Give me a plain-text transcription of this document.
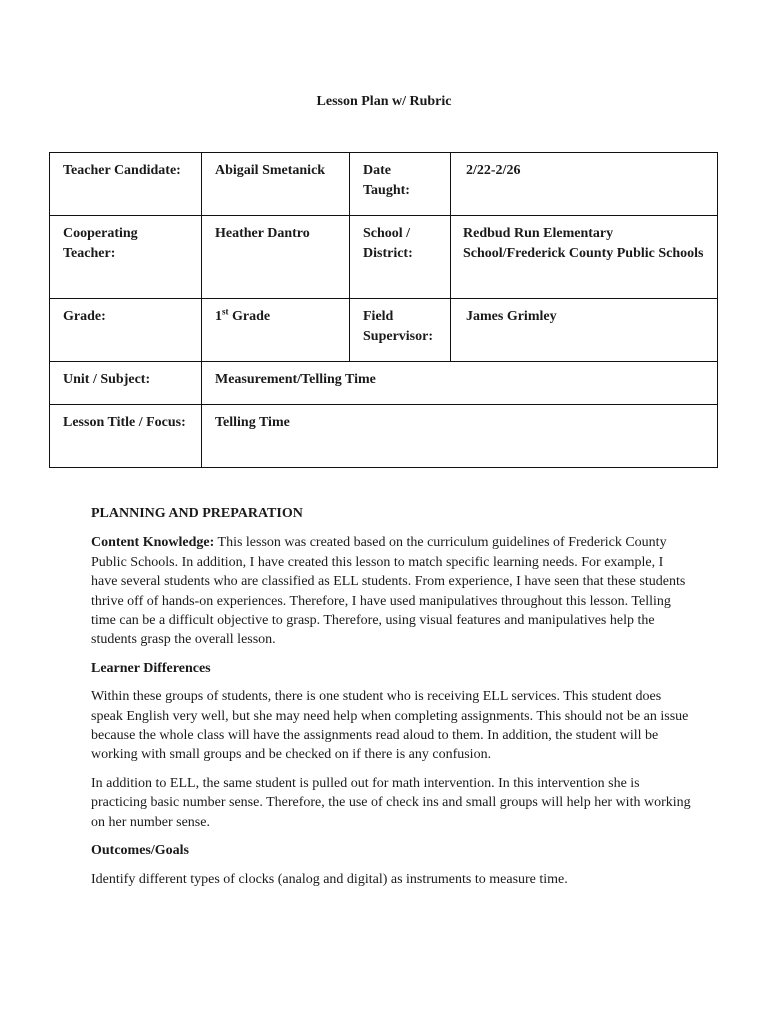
Lesson Plan w/ Rubric
Teacher Candidate:	Abigail Smetanick	Date Taught:	2/22-2/26
Cooperating Teacher:	Heather Dantro	School / District:	Redbud Run Elementary School/Frederick County Public Schools
Grade:	1st Grade	Field Supervisor:	James Grimley
Unit / Subject:	Measurement/Telling Time		
Lesson Title / Focus:	Telling Time		

PLANNING AND PREPARATION

Content Knowledge: This lesson was created based on the curriculum guidelines of Frederick County Public Schools. In addition, I have created this lesson to match specific learning needs. For example, I have several students who are classified as ELL students. From experience, I have seen that these students thrive off of hands-on experiences. Therefore, I have used manipulatives throughout this lesson. Telling time can be a difficult objective to grasp. Therefore, using visual features and manipulatives help the students grasp the overall lesson.

Learner Differences

Within these groups of students, there is one student who is receiving ELL services. This student does speak English very well, but she may need help when completing assignments. This should not be an issue because the whole class will have the assignments read aloud to them. In addition, the student will be working with small groups and be checked on if there is any confusion.

In addition to ELL, the same student is pulled out for math intervention. In this intervention she is practicing basic number sense. Therefore, the use of check ins and small groups will help her with working on her number sense.

Outcomes/Goals

Identify different types of clocks (analog and digital) as instruments to measure time.
